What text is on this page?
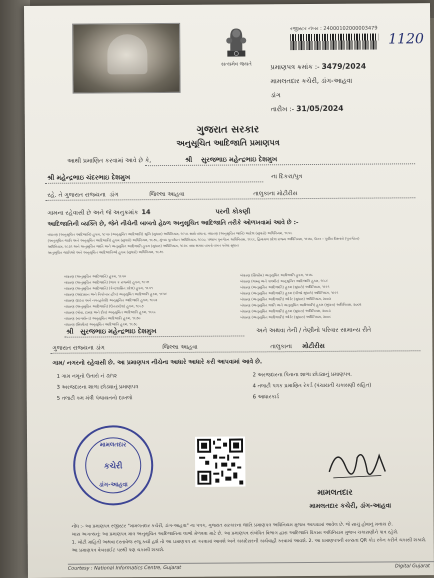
સત્યમેવ જયતે
રજીસ્ટર નંબર : 24000102000003479
1120
પ્રમાણપત્ર ક્રમાંક :- 3479/2024
મામલતદાર કચેરી, ડાંગ-આહવા
ડાંગ
તારીખ :- 31/05/2024
ગુજરાત સરકાર
અનુસૂચિત આદિજાતિ પ્રમાણપત્ર
આથી પ્રમાણિત કરવામાં આવે છે કે,	શ્રી સુરજભાઇ મહેન્દ્રભાઇ દેશમુખ
શ્રી મહેન્દ્રભાઇ ચંદરભાઇ દેશમુખ	ના દિકરા/પુત્ર
રહે. તે ગુજરાત રાજ્યના ડાંગ	જિલ્લા આહવા	તાલુકાના મોટીરીસ
ગામના રહેવાસી છે અને જે અનુક્રમાંક 14	પરની કોકણી
આદિજાતિની વ્યક્તિ છે, જેને નીચેની બાબતો હેઠળ અનુસૂચિત આદિજાતિ તરીકે ઓળખવામાં આવે છે :-
બંધારણ (અનુસૂચિત આદિજાતિ) હુકમ, ૧૯૫૦ (અનુસૂચિત આદિજાતિ) સૂચિ (સુધારા) અધિનિયમ, ૧૯૫૬ સાથે વાંચતા, બંધારણ (અનુસૂચિત જાતિ) આદેશ (સુધારો) અધિનિયમ, ૧૯૫૬
(અનુસૂચિત જાતિ અને અનુસૂચિત આદિજાતિ) હુકમ (સુધારો) અધિનિયમ, ૧૯૭૬, મુંબઇ પુનર્ગઠન અધિનિયમ, ૧૯૬૦, પંજાબ પુનર્ગઠન અધિનિયમ, ૧૯૬૬, હિમાચલ પ્રદેશ રાજ્ય અધિનિયમ, ૧૯૭૦, ઉત્તર - પૂર્વીય વિસ્તારો (પુનર્ગઠન)
અધિનિયમ, ૧૯૭૧ અને અનુસૂચિત જાતિ અને અનુસૂચિત આદિજાતિ હુકમ (સુધારા) અધિનિયમ, ૧૯૭૬ તથા સમય વખતો વખત કરેલા સુધારા
અનુસૂચિત જાતિઓ અને અનુસૂચિત આદિજાતિઓ હુકમ (સુધારો) અધિનિયમ, ૧૯૭૬
બંધારણ (અનુસૂચિત આદિજાતિ) હુકમ, ૧૯૫૦
બંધારણ (અનુસૂચિત આદિજાતિ) (ભાગ ક રાજ્યો) હુકમ, ૧૯૫૧
બંધારણ (અનુસૂચિત આદિજાતિ) (કેન્દ્રશાસિત પ્રદેશ) હુકમ, ૧૯૫૧
બંધારણ (આંદામાન અને નિકોબાર દ્વીપ) અનુસૂચિત આદિજાતિ હુકમ, ૧૯૫૯
બંધારણ (દાદરા અને નગરહવેલી) અનુસૂચિત આદિજાતિ હુકમ, ૧૯૬૨
બંધારણ (અનુસૂચિત આદિજાતિ) (ઉત્તરપ્રદેશ) હુકમ, ૧૯૬૭
બંધારણ (ગોવા, દમણ અને દીવ) અનુસૂચિત આદિજાતિ હુકમ, ૧૯૬૮
બંધારણ (નાગાલેન્ડ) અનુસૂચિત આદિજાતિ હુકમ, ૧૯૭૦
બંધારણ (સિક્કીમ) અનુસૂચિત આદિજાતિ હુકમ, ૧૯૭૮
બંધારણ (સિક્કીમ) અનુસૂચિત આદિજાતિ હુકમ, ૧૯૭૮
બંધારણ (જમ્મુ અને કાશ્મીર) અનુસૂચિત આદિજાતિ હુકમ, ૧૯૮૯
બંધારણ (અનુસૂચિત આદિજાતિ) હુકમ (સુધારો) અધિનિયમ, ૧૯૯૧
બંધારણ (અનુસૂચિત આદિજાતિ) હુકમ (બીજો સુધારો) અધિનિયમ, ૧૯૯૧
બંધારણ (અનુસૂચિત આદિજાતિ) ઓર્ડર (સુધારા) અધિનિયમ, ૨૦૦૨
બંધારણ (અનુસૂચિત જાતિ અને અનુસૂચિત આદિજાતિ) હુકમ (સુધારા) અધિનિયમ, ૨૦૦૨
બંધારણ (અનુસૂચિત આદિજાતિ) હુકમ (સુધારા) અધિનિયમ, ૨૦૦૩
બંધારણ (અનુસૂચિત આદિજાતિ) ઓર્ડર (સુધારા) અધિનિયમ, ૨૦૦૬
શ્રી સુરજભાઇ મહેન્દ્રભાઇ દેશમુખ	અને અથવા તેની / તેણીનો પરિવાર સામાન્ય રીતે
ગુજરાત રાજ્યના ડાંગ	જિલ્લા આહવા	તાલુકાના મોટીરીસ
ગામ/ નગરનો રહેવાસી છે. આ પ્રમાણપત્ર નીચેના આધારે આધારે કરી આપવામાં આવે છે.
1 ગામ નમૂનો ઉતારો નં ૭/૧૨
3 અરજદારના શાળા છોડ્યાનું પ્રમાણપત્ર
5 તલાટી કમ મંત્રી પંચાયતનો દાખલો
2 અરજદારના પિતાના શાળા છોડ્યાનું પ્રમાણપત્ર.
4 તલાટી પત્રક પ્રમાણિત રેકર્ડ (પંચાયતી ચકાસણી સહિત)
6 આધારકાર્ડ
મામલતદાર
કચેરી
ડાંગ-આહવા
મામલતદાર
મામલતદાર કચેરી, ડાંગ-આહવા
નોંધ :- આ પ્રમાણપત્ર રજીસ્ટર "મામલતદાર કચેરી, ડાંગ-આહવા" ના પત્રક, ગુજરાત સરકારના જાતિ પ્રમાણપત્ર અધિનિયમ મુજબ આપવામાં આવેલ છે. જે સાચું હોવાનું મનાય છે.
ખાસ અગત્યનું: આ પ્રમાણપત્ર માત્ર અનુસૂચિત આદિજાતિના લાભો મેળવવા માટે છે. આ પ્રમાણપત્ર સંબંધિત વિભાગ દ્વારા આદિજાતિ વિકાસ અધિનિયમ મુજબ ચકાસણીને પાત્ર રહેશે.
1. ખોટી માહિતી અથવા દસ્તાવેજ રજૂ કર્યા હશે તો આ પ્રમાણપત્ર રદ કરવામાં આવશે અને કાયદેસરની કાર્યવાહી કરવામાં આવશે. 2. આ પ્રમાણપત્રની સત્યતા QR કોડ સ્કેન કરીને ચકાસી શકાશે.
આ પ્રમાણપત્ર વેબસાઈટ પરથી પણ ચકાસી શકાશે.
Courtesy : National Informatics Centre, Gujarat	Digital Gujarat
